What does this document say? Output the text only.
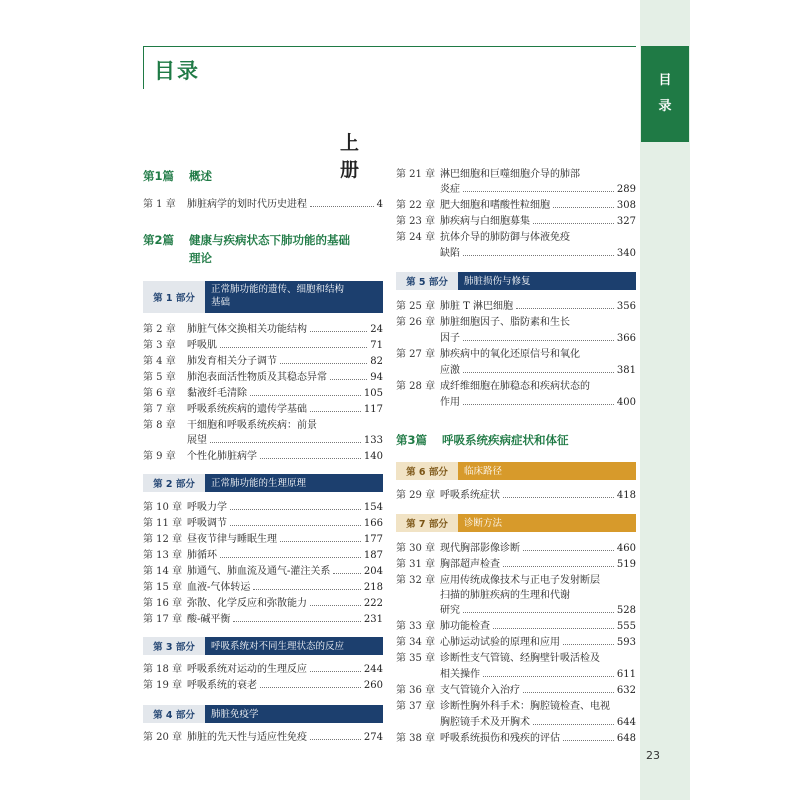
目
录
目录
上册
第1篇 概述
第 1 章	肺脏病学的划时代历史进程	4
第2篇 健康与疾病状态下肺功能的基础
理论
第 1 部分
正常肺功能的遗传、细胞和结构
基础
第 2 章	肺脏气体交换相关功能结构	24
第 3 章	呼吸肌	71
第 4 章	肺发育相关分子调节	82
第 5 章	肺泡表面活性物质及其稳态异常	94
第 6 章	黏液纤毛清除	105
第 7 章	呼吸系统疾病的遗传学基础	117
第 8 章	干细胞和呼吸系统疾病：前景
展望	133
第 9 章	个性化肺脏病学	140
第 2 部分	正常肺功能的生理原理
第 10 章 呼吸力学	154
第 11 章 呼吸调节	166
第 12 章 昼夜节律与睡眠生理	177
第 13 章 肺循环	187
第 14 章 肺通气、肺血流及通气-灌注关系	204
第 15 章 血液-气体转运	218
第 16 章 弥散、化学反应和弥散能力	222
第 17 章 酸-碱平衡	231
第 3 部分	呼吸系统对不同生理状态的反应
第 18 章 呼吸系统对运动的生理反应	244
第 19 章 呼吸系统的衰老	260
第 4 部分	肺脏免疫学
第 20 章 肺脏的先天性与适应性免疫	274
第 21 章 淋巴细胞和巨噬细胞介导的肺部
炎症	289
第 22 章 肥大细胞和嗜酸性粒细胞	308
第 23 章 肺疾病与白细胞募集	327
第 24 章 抗体介导的肺防御与体液免疫
缺陷	340
第 5 部分	肺脏损伤与修复
第 25 章 肺脏 T 淋巴细胞	356
第 26 章 肺脏细胞因子、脂防素和生长
因子	366
第 27 章 肺疾病中的氧化还原信号和氧化
应激	381
第 28 章 成纤维细胞在肺稳态和疾病状态的
作用	400
第3篇 呼吸系统疾病症状和体征
第 6 部分	临床路径
第 29 章 呼吸系统症状	418
第 7 部分	诊断方法
第 30 章 现代胸部影像诊断	460
第 31 章 胸部超声检查	519
第 32 章 应用传统成像技术与正电子发射断层
扫描的肺脏疾病的生理和代谢
研究	528
第 33 章 肺功能检查	555
第 34 章 心肺运动试验的原理和应用	593
第 35 章 诊断性支气管镜、经胸壁针吸活检及
相关操作	611
第 36 章 支气管镜介入治疗	632
第 37 章 诊断性胸外科手术：胸腔镜检查、电视
胸腔镜手术及开胸术	644
第 38 章 呼吸系统损伤和残疾的评估	648
23
